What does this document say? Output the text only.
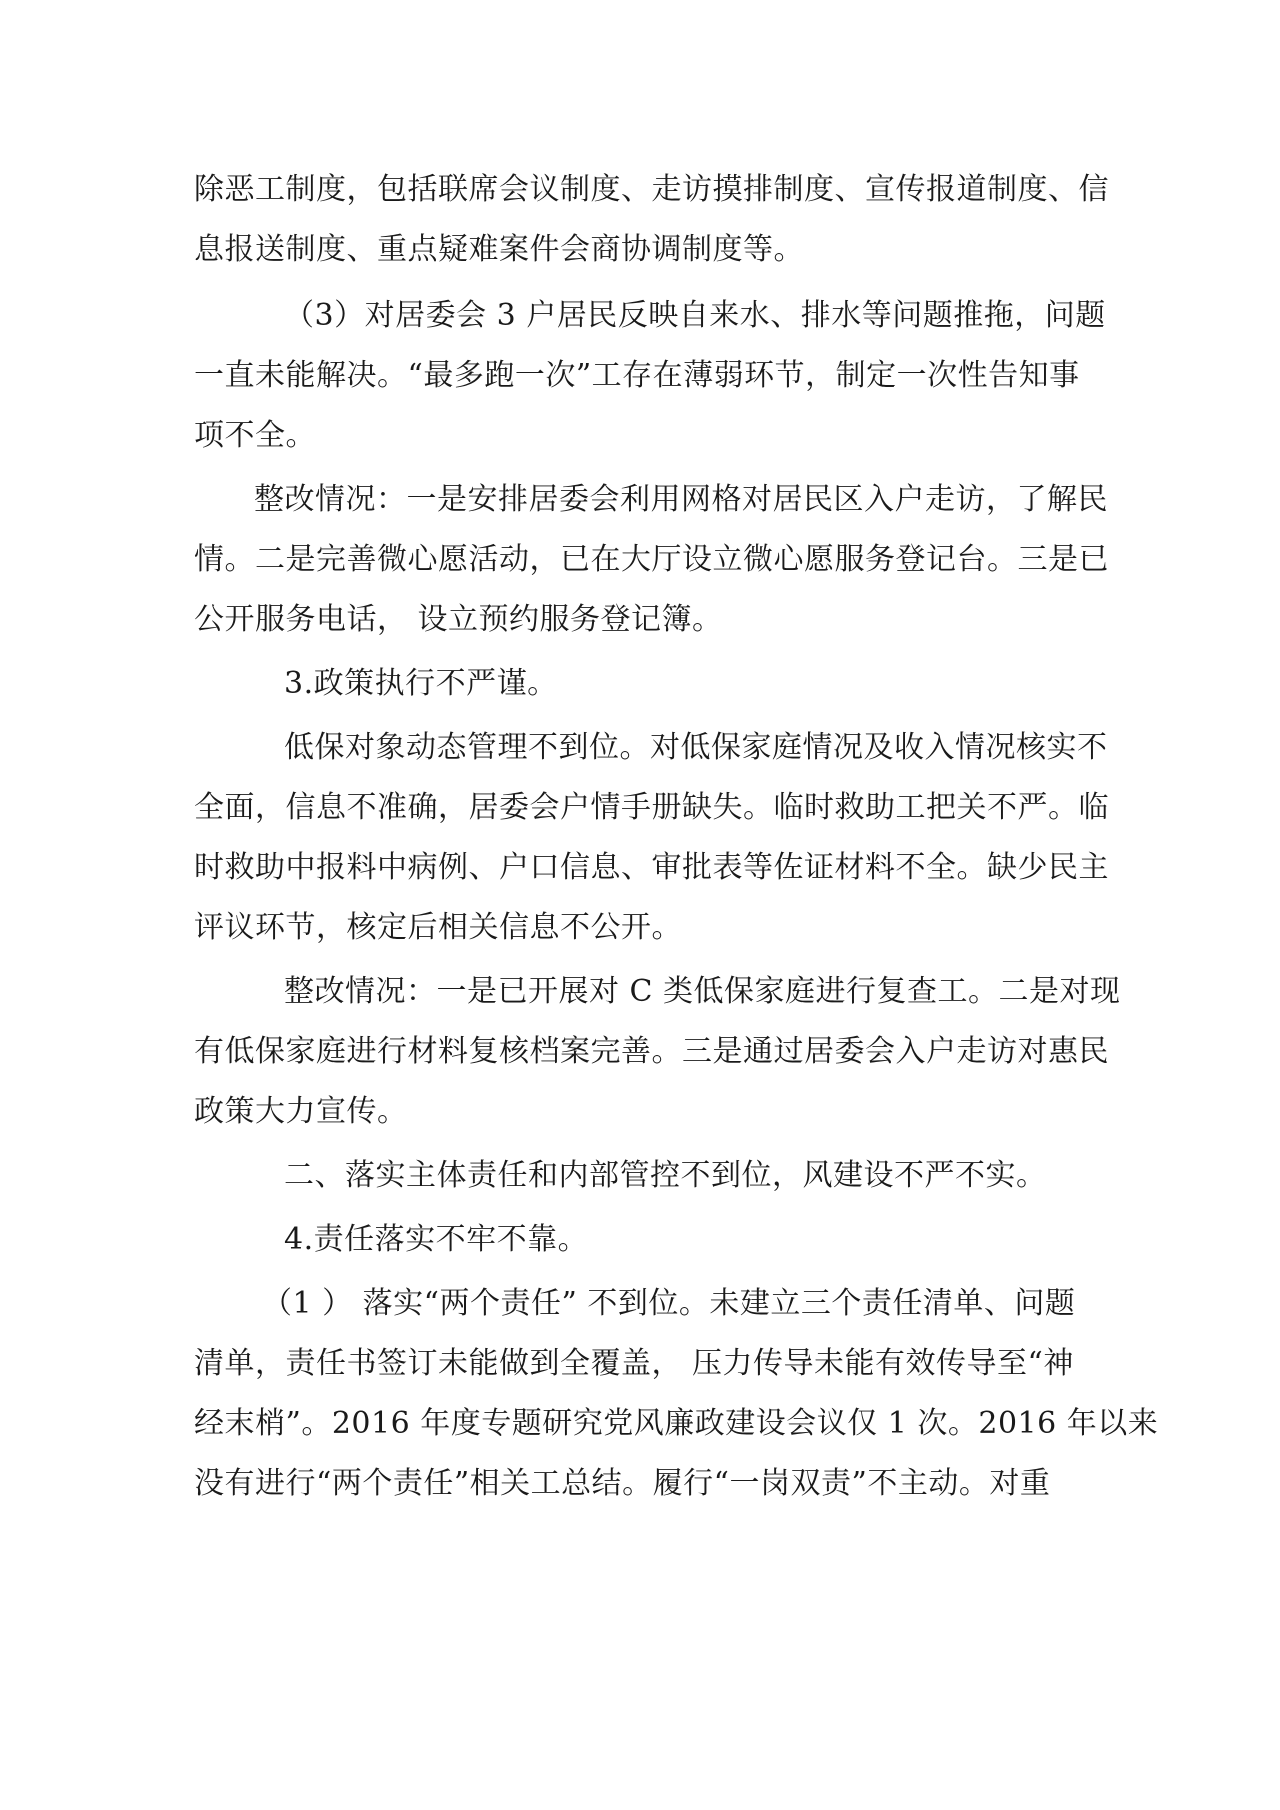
除恶工制度，包括联席会议制度、走访摸排制度、宣传报道制度、信
息报送制度、重点疑难案件会商协调制度等。

（3）对居委会 3 户居民反映自来水、排水等问题推拖，问题
一直未能解决。“最多跑一次”工存在薄弱环节，制定一次性告知事
项不全。

整改情况：一是安排居委会利用网格对居民区入户走访，了解民
情。二是完善微心愿活动，已在大厅设立微心愿服务登记台。三是已
公开服务电话， 设立预约服务登记簿。

3.政策执行不严谨。

低保对象动态管理不到位。对低保家庭情况及收入情况核实不
全面，信息不准确，居委会户情手册缺失。临时救助工把关不严。临
时救助中报料中病例、户口信息、审批表等佐证材料不全。缺少民主
评议环节，核定后相关信息不公开。

整改情况：一是已开展对 C 类低保家庭进行复查工。二是对现
有低保家庭进行材料复核档案完善。三是通过居委会入户走访对惠民
政策大力宣传。

二、落实主体责任和内部管控不到位，风建设不严不实。

4.责任落实不牢不靠。

（1 ） 落实“两个责任” 不到位。未建立三个责任清单、问题
清单，责任书签订未能做到全覆盖， 压力传导未能有效传导至“神
经末梢”。2016 年度专题研究党风廉政建设会议仅 1 次。2016 年以来
没有进行“两个责任”相关工总结。履行“一岗双责”不主动。对重
